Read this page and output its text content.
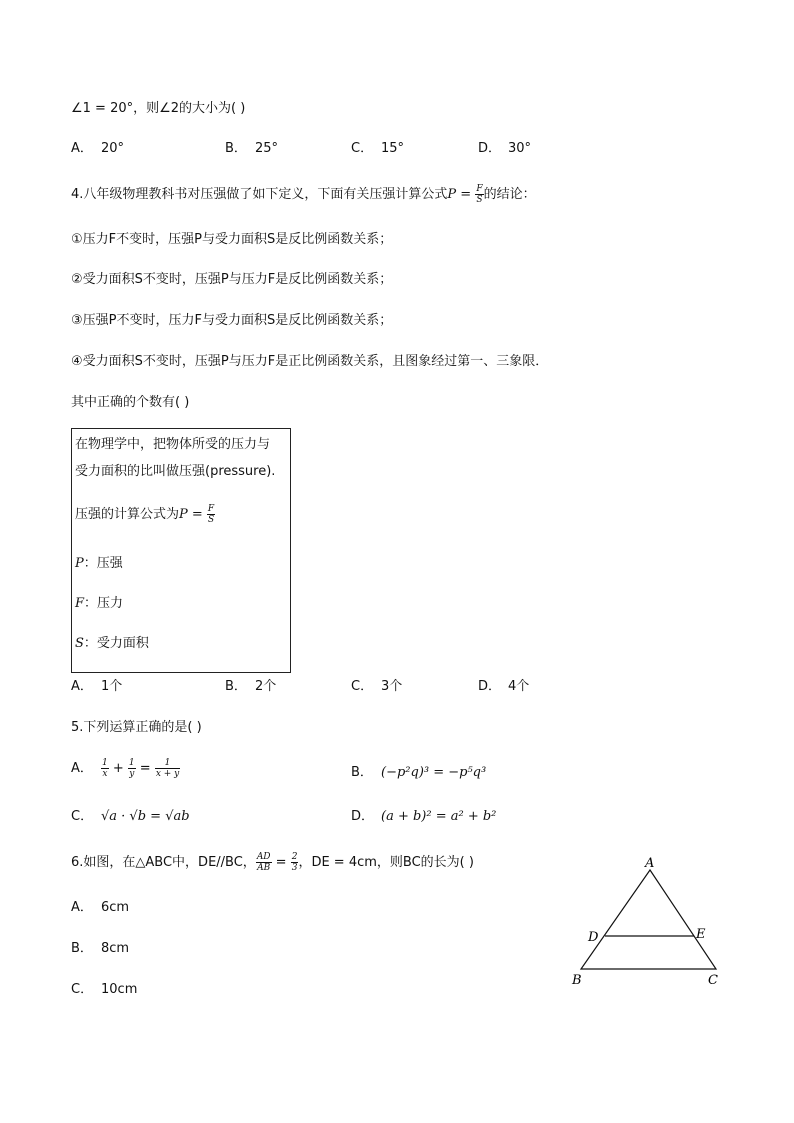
∠1 = 20°，则∠2的大小为( )
A． 20°	B． 25°	C． 15°	D． 30°
4.八年级物理教科书对压强做了如下定义，下面有关压强计算公式$P = \frac{F}{S}$ 的结论：
①压力F不变时，压强P与受力面积S是反比例函数关系；
②受力面积S不变时，压强P与压力F是反比例函数关系；
③压强P不变时，压力F与受力面积S是反比例函数关系；
④受力面积S不变时，压强P与压力F是正比例函数关系，且图象经过第一、三象限．
其中正确的个数有( )
在物理学中，把物体所受的压力与
受力面积的比叫做压强(pressure).
压强的计算公式为$P = \frac{F}{S}$
P：压强
F：压力
S：受力面积
A． 1个	B． 2个	C． 3个	D． 4个
5.下列运算正确的是( )
A． $\frac{1}{x} + \frac{1}{y} = \frac{1}{x + y}$	B． (−p²q)³ = −p⁵q³
C． √a · √b = √ab	D． (a + b)² = a² + b²
6.如图，在△ABC中，DE//BC， $\frac{AD}{AB} = \frac{2}{3}$ ，DE = 4cm，则BC的长为( )
A． 6cm
B． 8cm
C． 10cm
A
D	E
B	C
